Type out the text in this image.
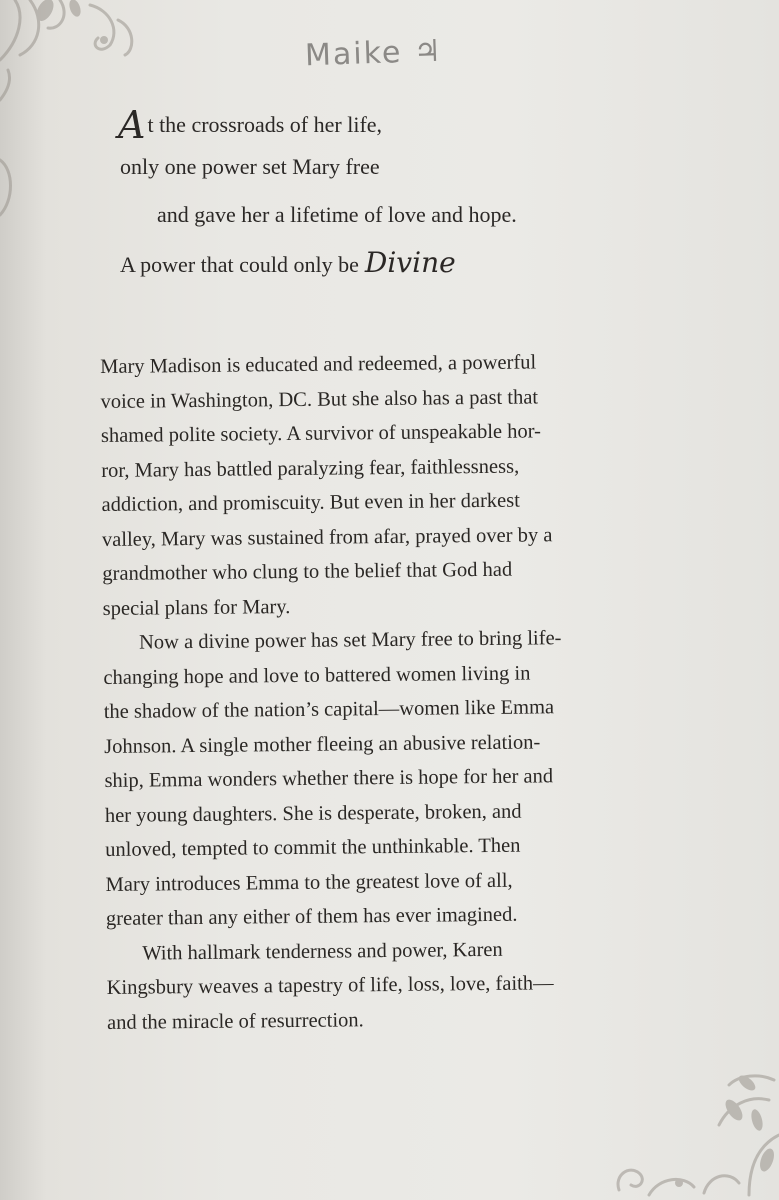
Maike ♃
At the crossroads of her life,
only one power set Mary free
and gave her a lifetime of love and hope.
A power that could only be Divine

Mary Madison is educated and redeemed, a powerful
voice in Washington, DC. But she also has a past that
shamed polite society. A survivor of unspeakable hor-
ror, Mary has battled paralyzing fear, faithlessness,
addiction, and promiscuity. But even in her darkest
valley, Mary was sustained from afar, prayed over by a
grandmother who clung to the belief that God had
special plans for Mary.

Now a divine power has set Mary free to bring life-
changing hope and love to battered women living in
the shadow of the nation’s capital—women like Emma
Johnson. A single mother fleeing an abusive relation-
ship, Emma wonders whether there is hope for her and
her young daughters. She is desperate, broken, and
unloved, tempted to commit the unthinkable. Then
Mary introduces Emma to the greatest love of all,
greater than any either of them has ever imagined.

With hallmark tenderness and power, Karen
Kingsbury weaves a tapestry of life, loss, love, faith—
and the miracle of resurrection.
